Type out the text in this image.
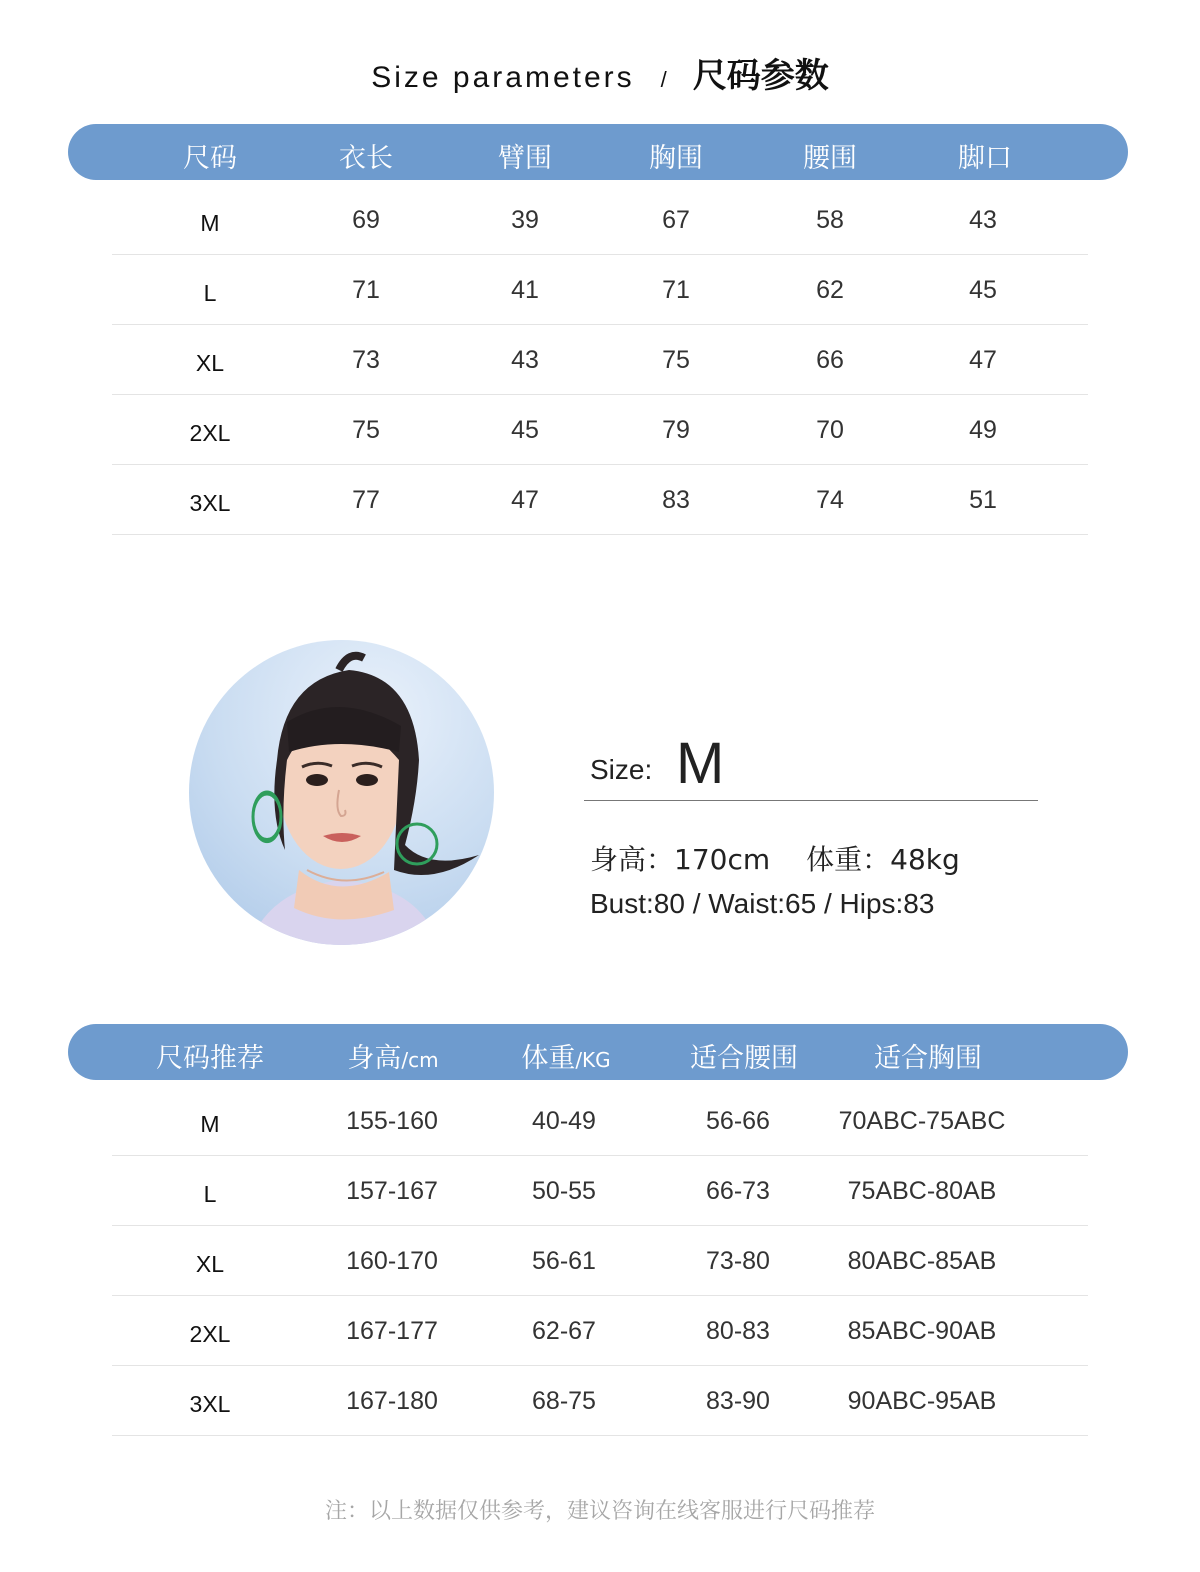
Size parameters / 尺码参数
尺码	衣长	臂围	胸围	腰围	脚口
M	69	39	67	58	43
L	71	41	71	62	45
XL	73	43	75	66	47
2XL	75	45	79	70	49
3XL	77	47	83	74	51
Size: M
身高：170cm 体重：48kg
Bust:80 / Waist:65 / Hips:83
尺码推荐	身高/cm	体重/KG	适合腰围	适合胸围
M	155-160	40-49	56-66	70ABC-75ABC
L	157-167	50-55	66-73	75ABC-80AB
XL	160-170	56-61	73-80	80ABC-85AB
2XL	167-177	62-67	80-83	85ABC-90AB
3XL	167-180	68-75	83-90	90ABC-95AB
注：以上数据仅供参考，建议咨询在线客服进行尺码推荐
